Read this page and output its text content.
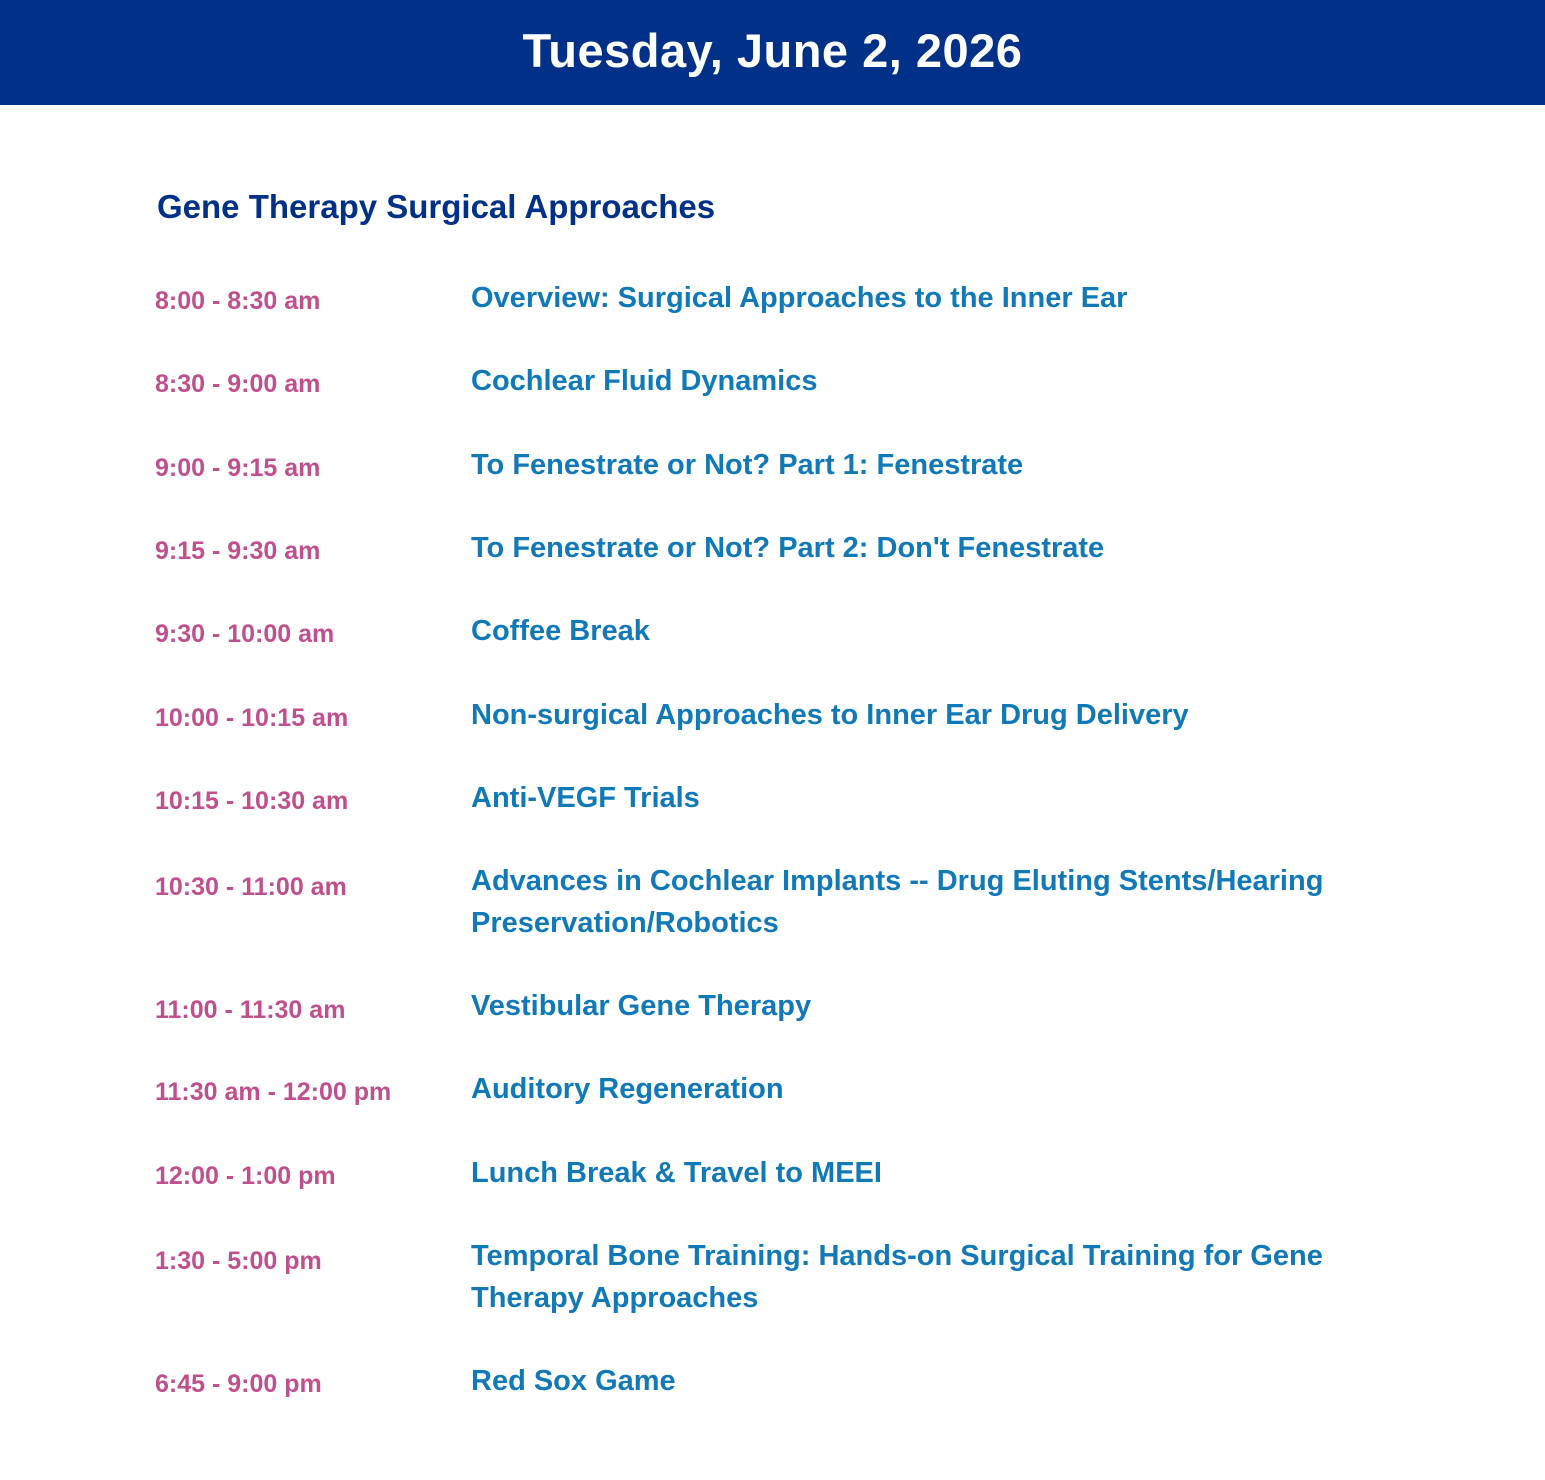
Tuesday, June 2, 2026
Gene Therapy Surgical Approaches
8:00 - 8:30 am	Overview: Surgical Approaches to the Inner Ear
8:30 - 9:00 am	Cochlear Fluid Dynamics
9:00 - 9:15 am	To Fenestrate or Not? Part 1: Fenestrate
9:15 - 9:30 am	To Fenestrate or Not? Part 2: Don't Fenestrate
9:30 - 10:00 am	Coffee Break
10:00 - 10:15 am	Non-surgical Approaches to Inner Ear Drug Delivery
10:15 - 10:30 am	Anti-VEGF Trials
10:30 - 11:00 am	Advances in Cochlear Implants -- Drug Eluting Stents/Hearing Preservation/Robotics
11:00 - 11:30 am	Vestibular Gene Therapy
11:30 am - 12:00 pm	Auditory Regeneration
12:00 - 1:00 pm	Lunch Break & Travel to MEEI
1:30 - 5:00 pm	Temporal Bone Training: Hands-on Surgical Training for Gene Therapy Approaches
6:45 - 9:00 pm	Red Sox Game
